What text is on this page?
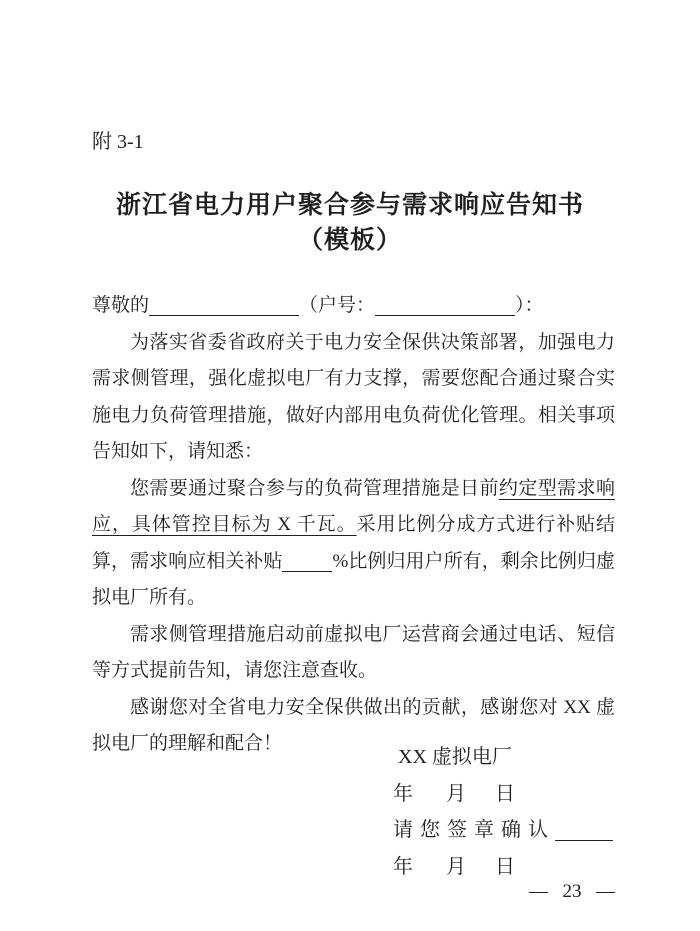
附 3-1
浙江省电力用户聚合参与需求响应告知书
（模板）

尊敬的	（户号：	）：

为落实省委省政府关于电力安全保供决策部署，加强电力需求侧管理，强化虚拟电厂有力支撑，需要您配合通过聚合实施电力负荷管理措施，做好内部用电负荷优化管理。相关事项告知如下，请知悉：

您需要通过聚合参与的负荷管理措施是日前约定型需求响应，具体管控目标为 X 千瓦。采用比例分成方式进行补贴结算，需求响应相关补贴	%比例归用户所有，剩余比例归虚拟电厂所有。

需求侧管理措施启动前虚拟电厂运营商会通过电话、短信等方式提前告知，请您注意查收。

感谢您对全省电力安全保供做出的贡献，感谢您对 XX 虚拟电厂的理解和配合！

XX 虚拟电厂
年 月 日
请您签章确认
年 月 日
— 23 —
